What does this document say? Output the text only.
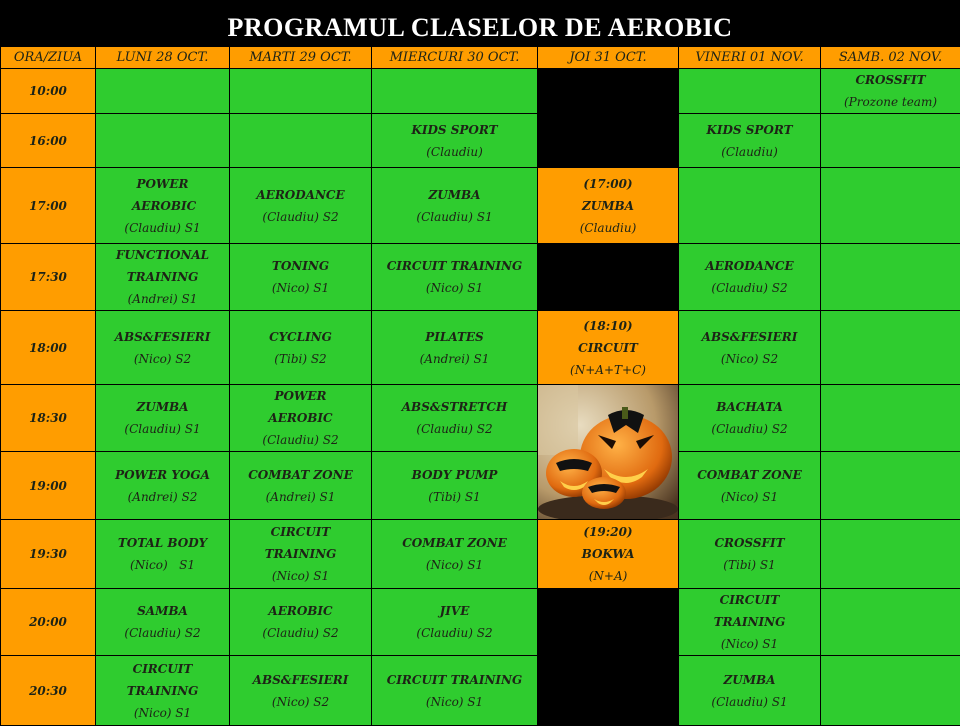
PROGRAMUL CLASELOR DE AEROBIC
ORA/ZIUA	LUNI 28 OCT.	MARTI 29 OCT.	MIERCURI 30 OCT.	JOI 31 OCT.	VINERI 01 NOV.	SAMB. 02 NOV.
10:00						CROSSFIT
(Prozone team)

16:00			KIDS SPORT
(Claudiu)		KIDS SPORT
(Claudiu)	

17:00	POWER AEROBIC
(Claudiu) S1	AERODANCE
(Claudiu) S2	ZUMBA
(Claudiu) S1	(17:00)
ZUMBA
(Claudiu)		

17:30	FUNCTIONAL TRAINING
(Andrei) S1	TONING
(Nico) S1	CIRCUIT TRAINING
(Nico) S1		AERODANCE
(Claudiu) S2	

18:00	ABS&FESIERI
(Nico) S2	CYCLING
(Tibi) S2	PILATES
(Andrei) S1	(18:10)
CIRCUIT
(N+A+T+C)	ABS&FESIERI
(Nico) S2	

18:30	ZUMBA
(Claudiu) S1	POWER AEROBIC
(Claudiu) S2	ABS&STRETCH
(Claudiu) S2		BACHATA
(Claudiu) S2	

19:00	POWER YOGA
(Andrei) S2	COMBAT ZONE
(Andrei) S1	BODY PUMP
(Tibi) S1		COMBAT ZONE
(Nico) S1	

19:30	TOTAL BODY
(Nico)   S1	CIRCUIT TRAINING
(Nico) S1	COMBAT ZONE
(Nico) S1	(19:20)
BOKWA
(N+A)	CROSSFIT
(Tibi) S1	

20:00	SAMBA
(Claudiu) S2	AEROBIC
(Claudiu) S2	JIVE
(Claudiu) S2		CIRCUIT TRAINING
(Nico) S1	

20:30	CIRCUIT TRAINING
(Nico) S1	ABS&FESIERI
(Nico) S2	CIRCUIT TRAINING
(Nico) S1		ZUMBA
(Claudiu) S1	
